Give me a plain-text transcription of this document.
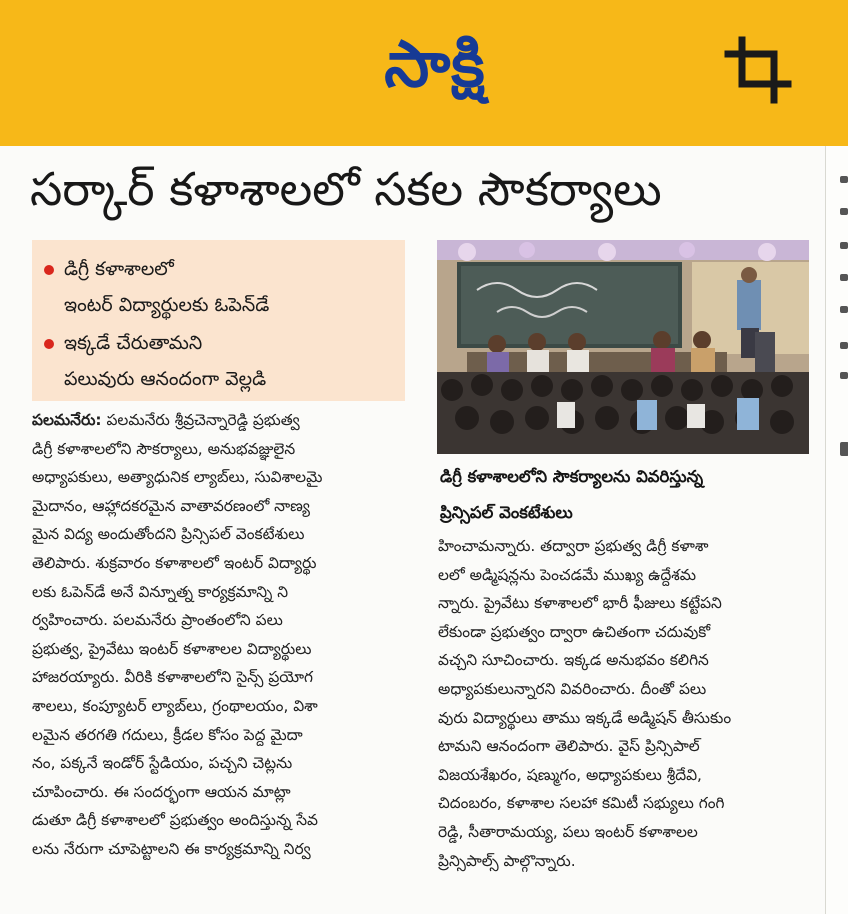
సాక్షి
సర్కార్ కళాశాలలో సకల సౌకర్యాలు
డిగ్రీ కళాశాలలో
ఇంటర్ విద్యార్థులకు ఓపెన్‌డే
ఇక్కడే చేరుతామని
పలువురు ఆనందంగా వెల్లడి
పలమనేరు: పలమనేరు శ్రీవ్రచెన్నారెడ్డి ప్రభుత్వ
డిగ్రీ కళాశాలలోని సౌకర్యాలు, అనుభవజ్ఞులైన
అధ్యాపకులు, అత్యాధునిక ల్యాబ్‌లు, సువిశాలమై
మైదానం, ఆహ్లాదకరమైన వాతావరణంలో నాణ్య
మైన విద్య అందుతోందని ప్రిన్సిపల్ వెంకటేశులు
తెలిపారు. శుక్రవారం కళాశాలలో ఇంటర్ విద్యార్థు
లకు ఓపెన్‌డే అనే విన్నూత్న కార్యక్రమాన్ని ని
ర్వహించారు. పలమనేరు ప్రాంతంలోని పలు
ప్రభుత్వ, ప్రైవేటు ఇంటర్ కళాశాలల విద్యార్థులు
హాజరయ్యారు. వీరికి కళాశాలలోని సైన్స్ ప్రయోగ
శాలలు, కంప్యూటర్ ల్యాబ్‌లు, గ్రంథాలయం, విశా
లమైన తరగతి గదులు, క్రీడల కోసం పెద్ద మైదా
నం, పక్కనే ఇండోర్ స్టేడియం, పచ్చని చెట్లను
చూపించారు. ఈ సందర్భంగా ఆయన మాట్లా
డుతూ డిగ్రీ కళాశాలలో ప్రభుత్వం అందిస్తున్న సేవ
లను నేరుగా చూపెట్టాలని ఈ కార్యక్రమాన్ని నిర్వ
డిగ్రీ కళాశాలలోని సౌకర్యాలను వివరిస్తున్న
ప్రిన్సిపల్ వెంకటేశులు
హించామన్నారు. తద్వారా ప్రభుత్వ డిగ్రీ కళాశా
లలో అడ్మిషన్లను పెంచడమే ముఖ్య ఉద్దేశమ
న్నారు. ప్రైవేటు కళాశాలలో భారీ ఫీజులు కట్టేపని
లేకుండా ప్రభుత్వం ద్వారా ఉచితంగా చదువుకో
వచ్చని సూచించారు. ఇక్కడ అనుభవం కలిగిన
అధ్యాపకులున్నారని వివరించారు. దీంతో పలు
వురు విద్యార్థులు తాము ఇక్కడే అడ్మిషన్ తీసుకుం
టామని ఆనందంగా తెలిపారు. వైస్ ప్రిన్సిపాల్
విజయశేఖరం, షణ్ముగం, అధ్యాపకులు శ్రీదేవి,
చిదంబరం, కళాశాల సలహా కమిటీ సభ్యులు గంగి
రెడ్డి, సీతారామయ్య, పలు ఇంటర్ కళాశాలల
ప్రిన్సిపాల్స్ పాల్గొన్నారు.
